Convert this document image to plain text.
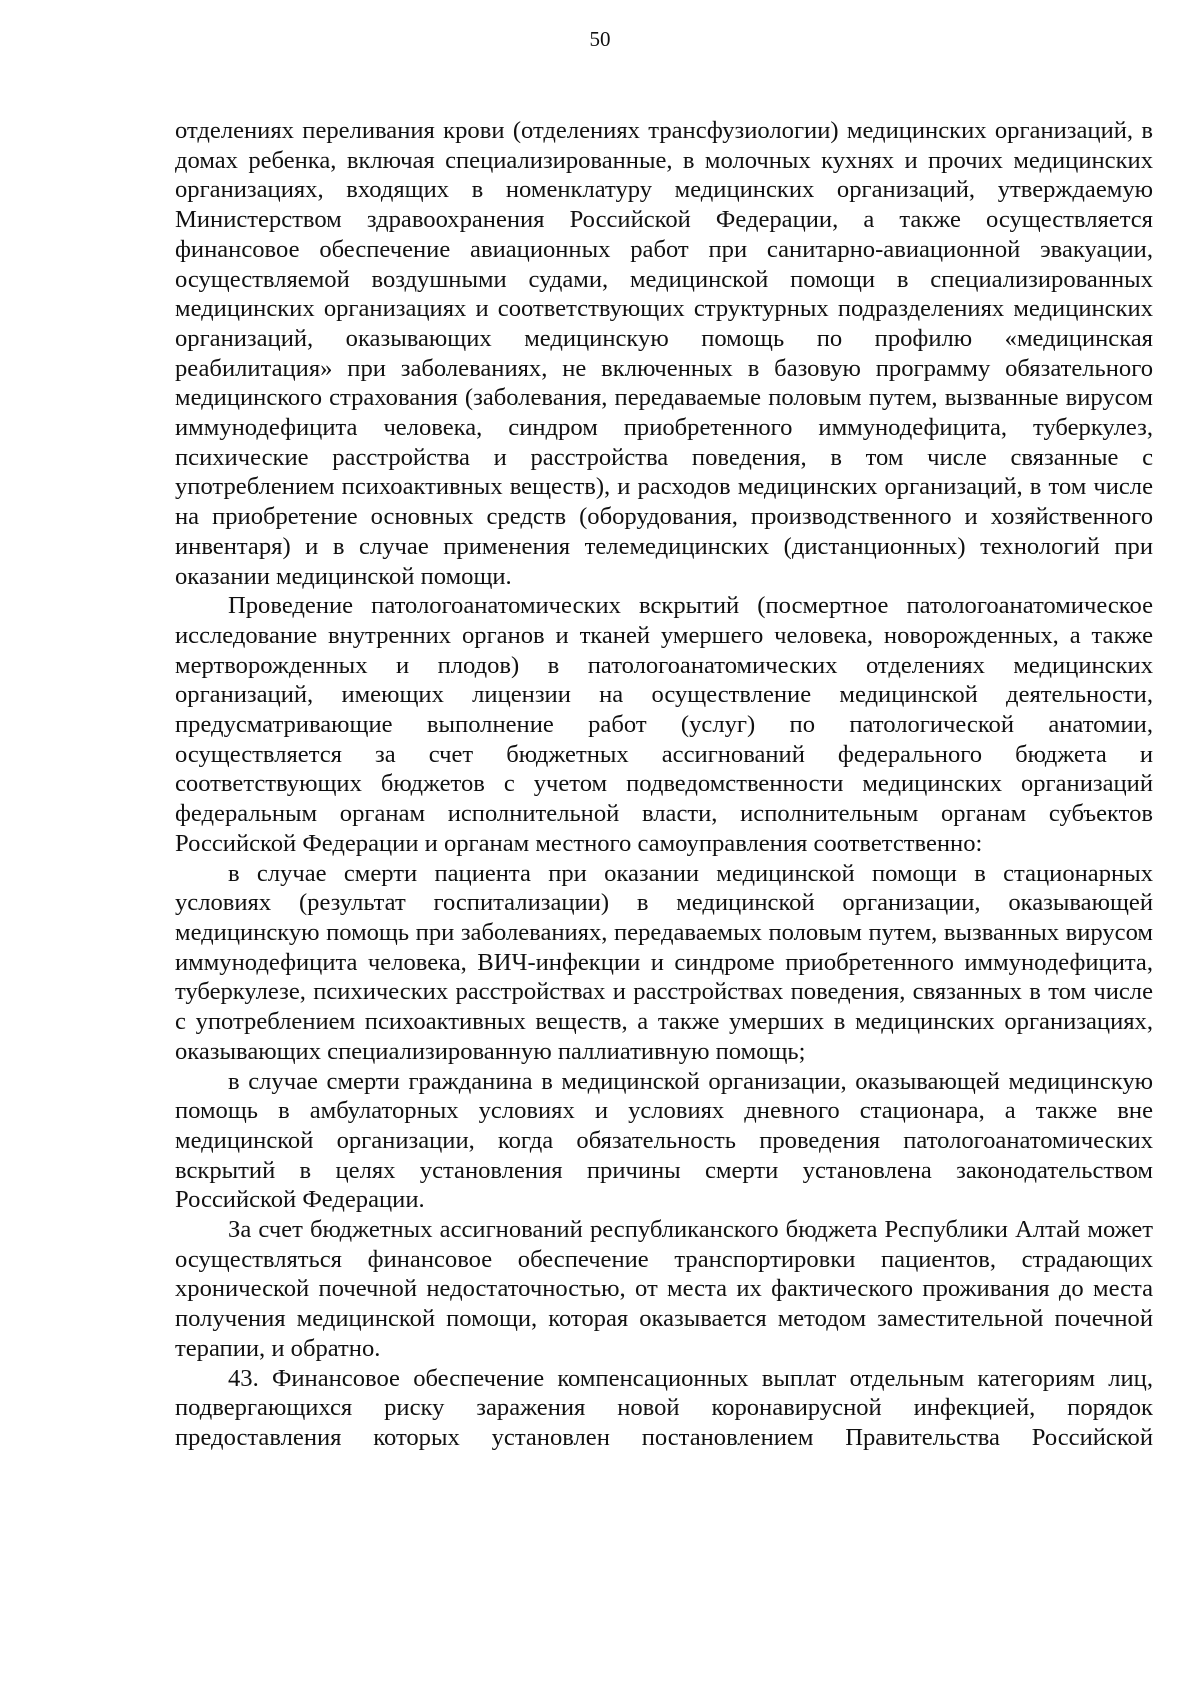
50

отделениях переливания крови (отделениях трансфузиологии) медицинских организаций, в домах ребенка, включая специализированные, в молочных кухнях и прочих медицинских организациях, входящих в номенклатуру медицинских организаций, утверждаемую Министерством здравоохранения Российской Федерации, а также осуществляется финансовое обеспечение авиационных работ при санитарно-авиационной эвакуации, осуществляемой воздушными судами, медицинской помощи в специализированных медицинских организациях и соответствующих структурных подразделениях медицинских организаций, оказывающих медицинскую помощь по профилю «медицинская реабилитация» при заболеваниях, не включенных в базовую программу обязательного медицинского страхования (заболевания, передаваемые половым путем, вызванные вирусом иммунодефицита человека, синдром приобретенного иммунодефицита, туберкулез, психические расстройства и расстройства поведения, в том числе связанные с употреблением психоактивных веществ), и расходов медицинских организаций, в том числе на приобретение основных средств (оборудования, производственного и хозяйственного инвентаря) и в случае применения телемедицинских (дистанционных) технологий при оказании медицинской помощи.

Проведение патологоанатомических вскрытий (посмертное патологоанатомическое исследование внутренних органов и тканей умершего человека, новорожденных, а также мертворожденных и плодов) в патологоанатомических отделениях медицинских организаций, имеющих лицензии на осуществление медицинской деятельности, предусматривающие выполнение работ (услуг) по патологической анатомии, осуществляется за счет бюджетных ассигнований федерального бюджета и соответствующих бюджетов с учетом подведомственности медицинских организаций федеральным органам исполнительной власти, исполнительным органам субъектов Российской Федерации и органам местного самоуправления соответственно:

в случае смерти пациента при оказании медицинской помощи в стационарных условиях (результат госпитализации) в медицинской организации, оказывающей медицинскую помощь при заболеваниях, передаваемых половым путем, вызванных вирусом иммунодефицита человека, ВИЧ-инфекции и синдроме приобретенного иммунодефицита, туберкулезе, психических расстройствах и расстройствах поведения, связанных в том числе с употреблением психоактивных веществ, а также умерших в медицинских организациях, оказывающих специализированную паллиативную помощь;

в случае смерти гражданина в медицинской организации, оказывающей медицинскую помощь в амбулаторных условиях и условиях дневного стационара, а также вне медицинской организации, когда обязательность проведения патологоанатомических вскрытий в целях установления причины смерти установлена законодательством Российской Федерации.

За счет бюджетных ассигнований республиканского бюджета Республики Алтай может осуществляться финансовое обеспечение транспортировки пациентов, страдающих хронической почечной недостаточностью, от места их фактического проживания до места получения медицинской помощи, которая оказывается методом заместительной почечной терапии, и обратно.

43. Финансовое обеспечение компенсационных выплат отдельным категориям лиц, подвергающихся риску заражения новой коронавирусной инфекцией, порядок предоставления которых установлен постановлением Правительства Российской
